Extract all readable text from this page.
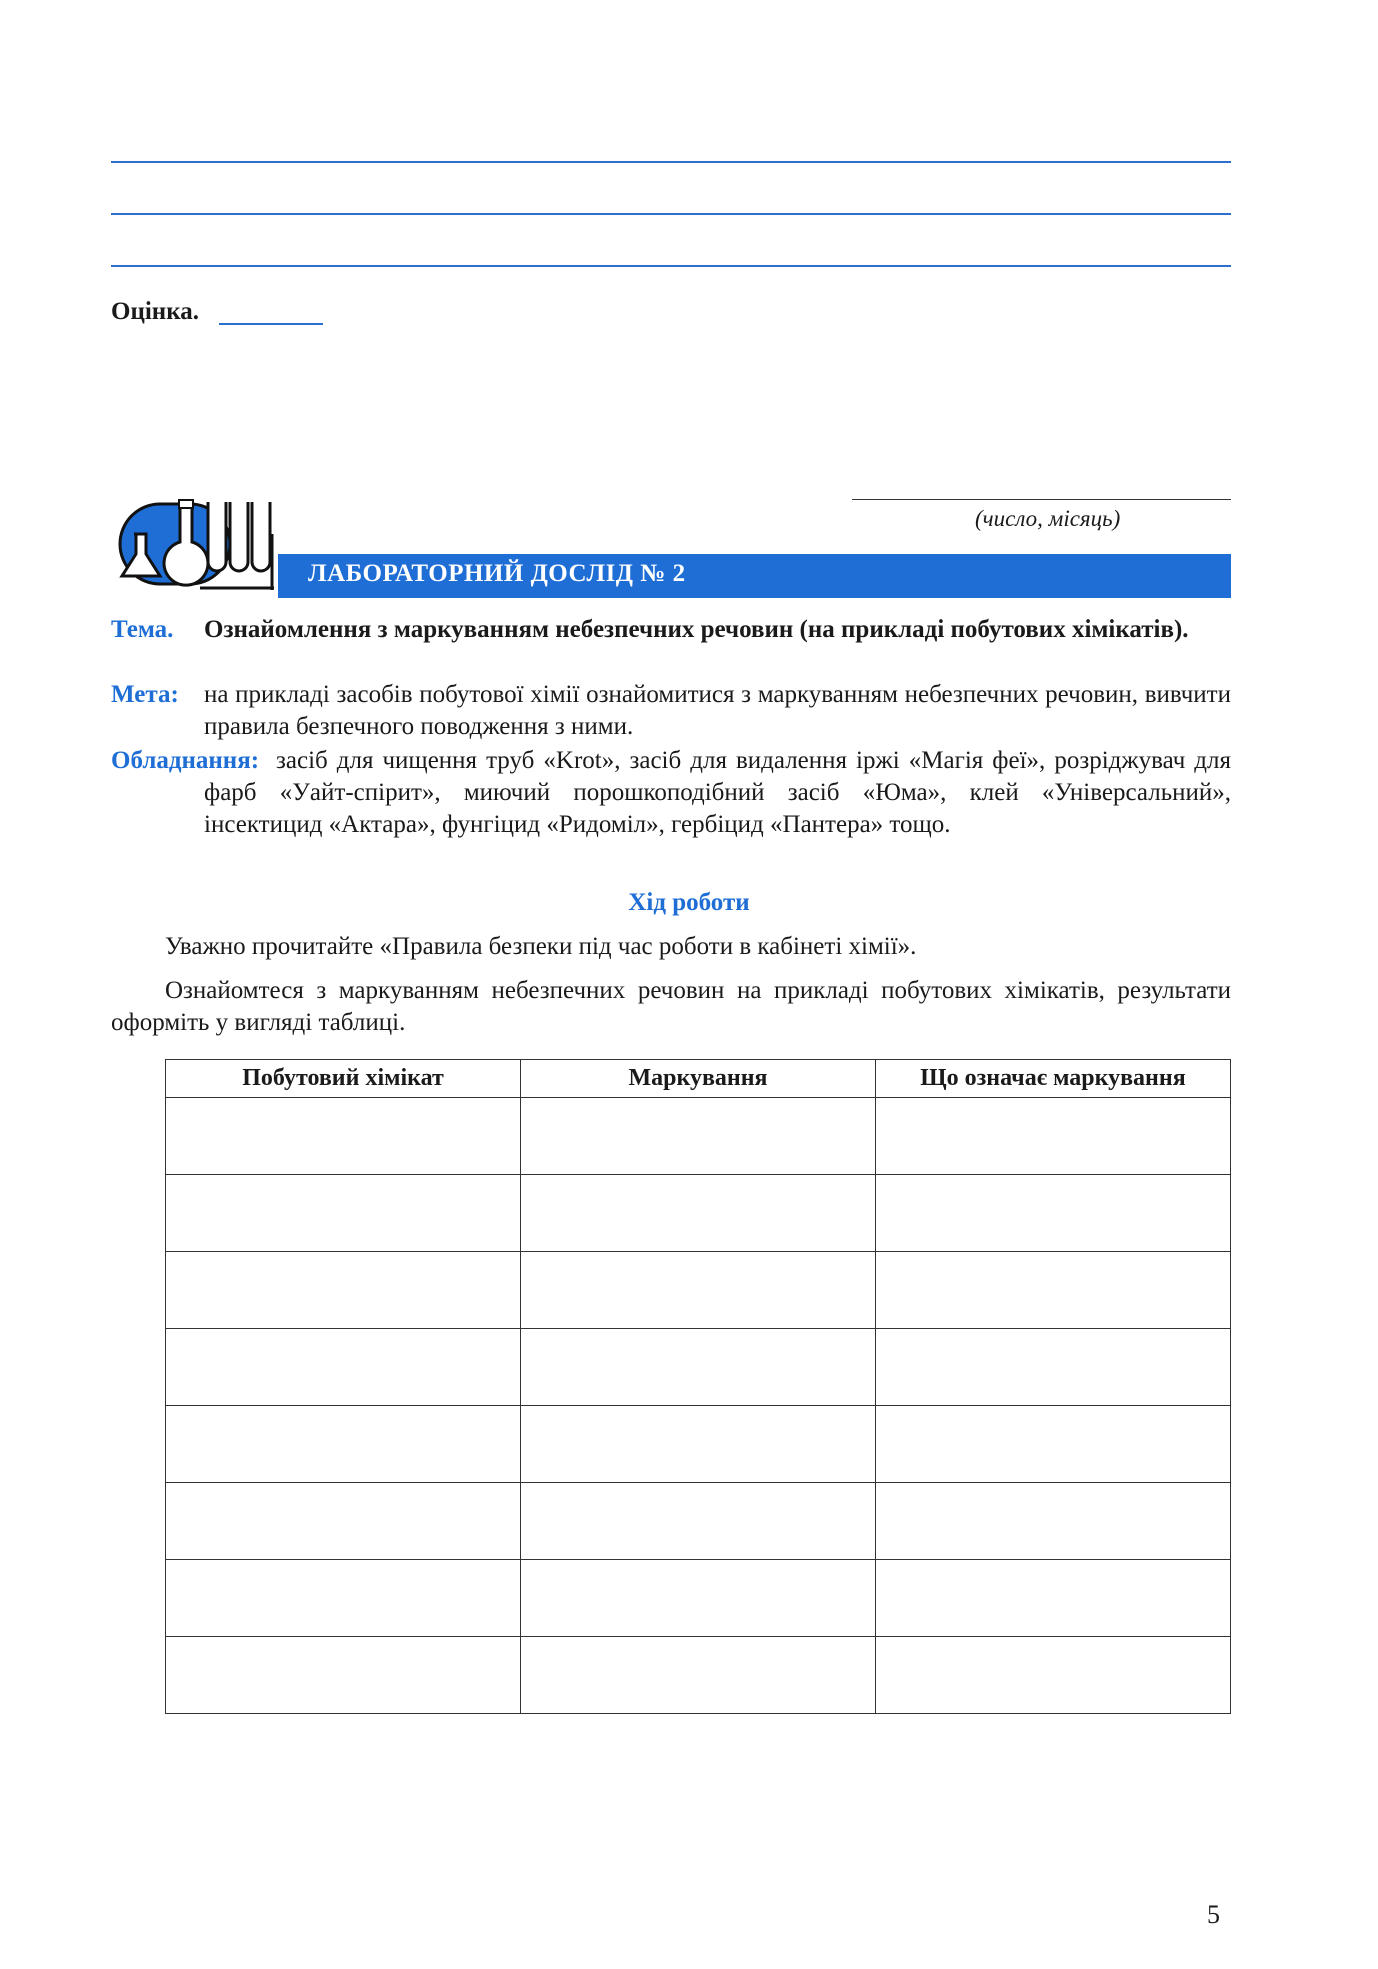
Оцінка.
(число, місяць)
ЛАБОРАТОРНИЙ ДОСЛІД № 2
Тема.	Ознайомлення з маркуванням небезпечних речовин (на прикладі побутових хімікатів).
Мета:	на прикладі засобів побутової хімії ознайомитися з маркуванням небезпечних речовин, вивчити правила безпечного поводження з ними.
Обладнання: засіб для чищення труб «Krot», засіб для видалення іржі «Магія феї», розріджувач для фарб «Уайт-спірит», миючий порошкоподібний засіб «Юма», клей «Універсальний», інсектицид «Актара», фунгіцид «Ридоміл», гербіцид «Пантера» тощо.
Хід роботи
Уважно прочитайте «Правила безпеки під час роботи в кабінеті хімії».
Ознайомтеся з маркуванням небезпечних речовин на прикладі побутових хімікатів, результати оформіть у вигляді таблиці.
Побутовий хімікат	Маркування	Що означає маркування

5
